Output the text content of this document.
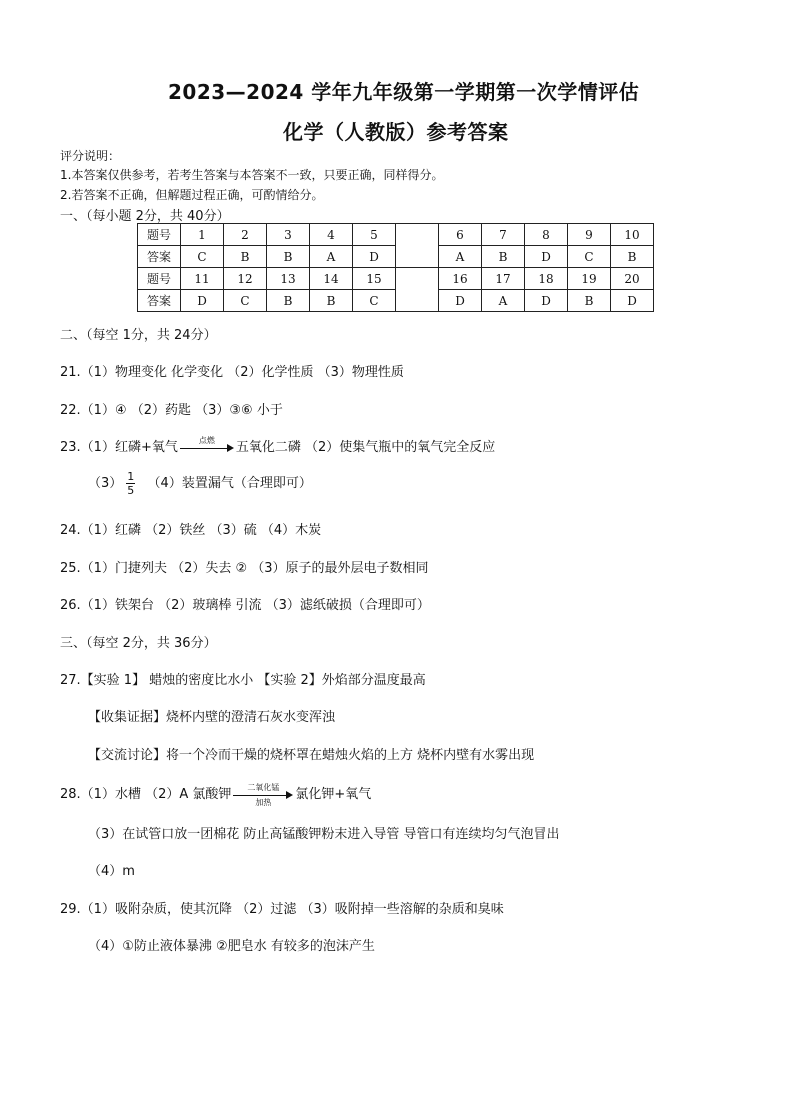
2023—2024 学年九年级第一学期第一次学情评估
化学（人教版）参考答案
评分说明：
1.本答案仅供参考，若考生答案与本答案不一致，只要正确，同样得分。
2.若答案不正确，但解题过程正确，可酌情给分。
一、（每小题 2分，共 40分）
题号	1	2	3	4	5		6	7	8	9	10
答案	C	B	B	A	D		A	B	D	C	B
题号	11	12	13	14	15		16	17	18	19	20
答案	D	C	B	B	C		D	A	D	B	D
二、（每空 1分，共 24分）
21.（1）物理变化 化学变化 （2）化学性质 （3）物理性质
22.（1）④ （2）药匙 （3）③⑥ 小于
23.（1）红磷+氧气	点燃	五氧化二磷 （2）使集气瓶中的氧气完全反应
$(3) \frac{1}{5} (4)$装置漏气（合理即可）
24.（1）红磷 （2）铁丝 （3）硫 （4）木炭
25.（1）门捷列夫 （2）失去 ② （3）原子的最外层电子数相同
26.（1）铁架台 （2）玻璃棒 引流 （3）滤纸破损（合理即可）
三、（每空 2分，共 36分）
27.【实验 1】 蜡烛的密度比水小 【实验 2】外焰部分温度最高
【收集证据】烧杯内壁的澄清石灰水变浑浊
【交流讨论】将一个冷而干燥的烧杯罩在蜡烛火焰的上方 烧杯内壁有水雾出现
28.（1）水槽 （2）A 氯酸钾	二氧化锰
加热	氯化钾+氧气
（3）在试管口放一团棉花 防止高锰酸钾粉末进入导管 导管口有连续均匀气泡冒出
（4）m
29.（1）吸附杂质，使其沉降 （2）过滤 （3）吸附掉一些溶解的杂质和臭味
（4）①防止液体暴沸 ②肥皂水 有较多的泡沫产生
